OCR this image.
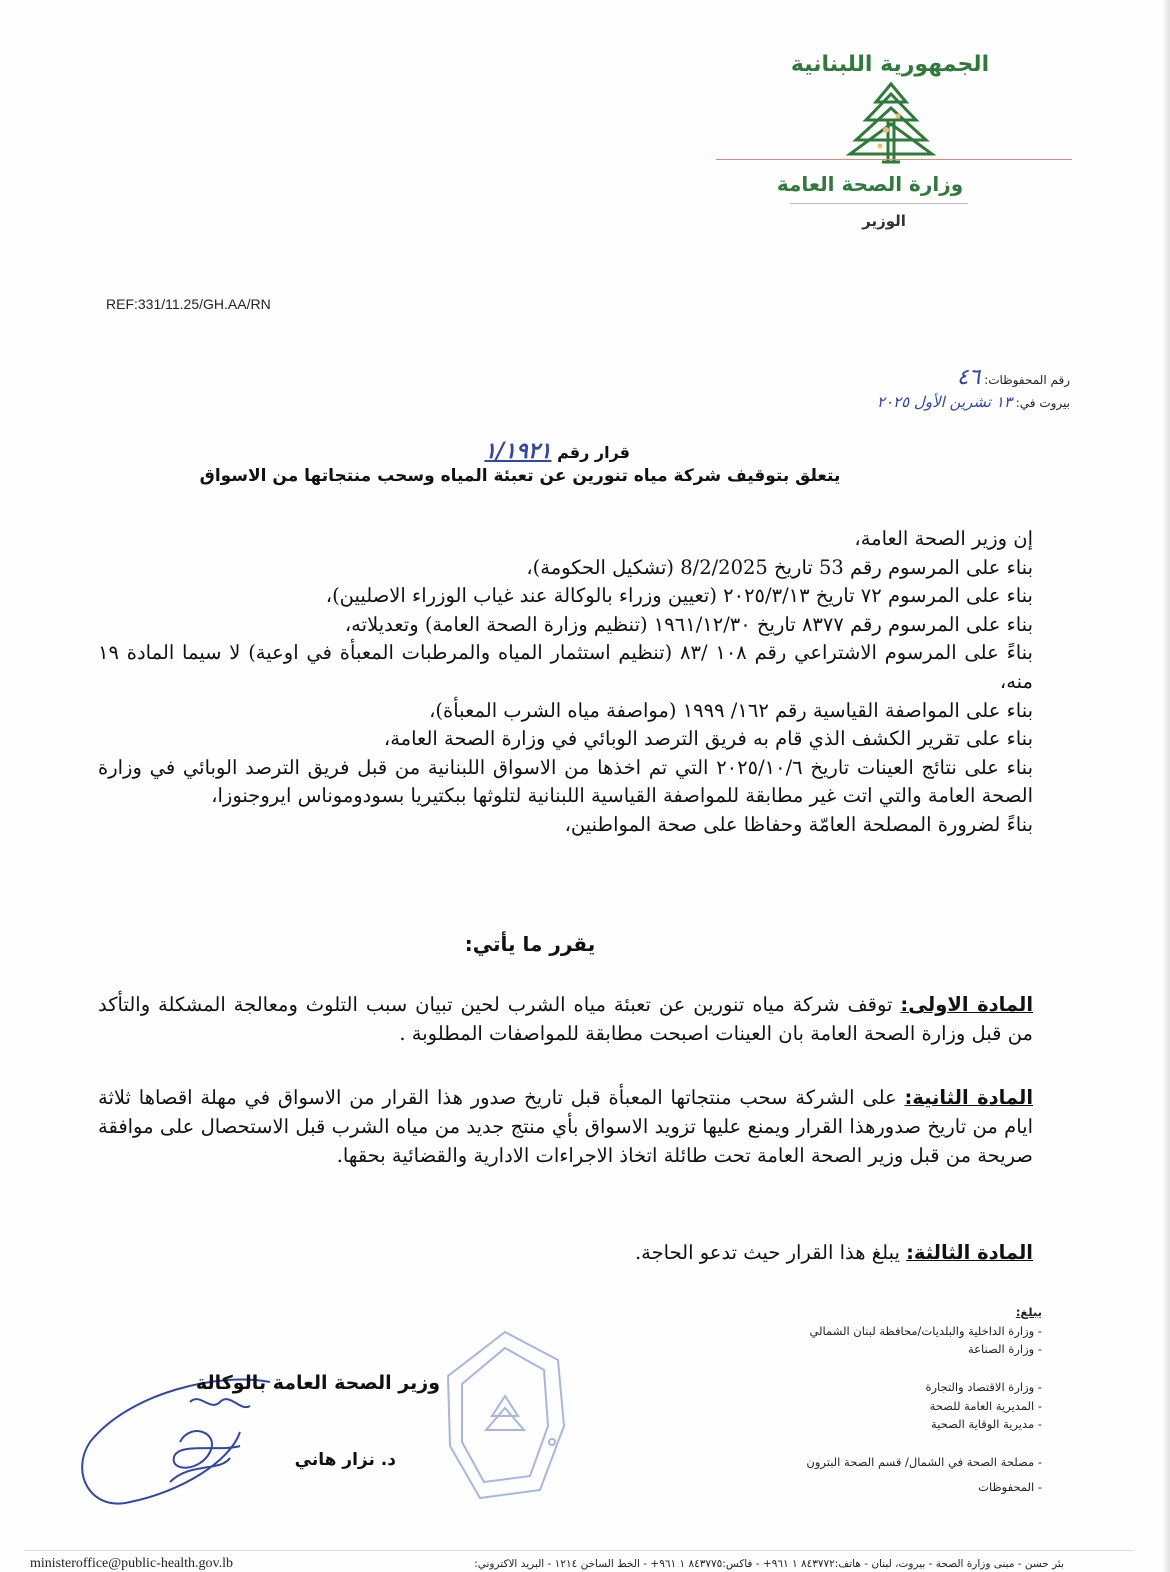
الجمهورية اللبنانية
وزارة الصحة العامة
الوزير
REF:331/11.25/GH.AA/RN
رقم المحفوظات: ٤٦
بيروت في: ١٣ تشرين الأول ٢٠٢٥
قرار رقم ١/١٩٢١
يتعلق بتوقيف شركة مياه تنورين عن تعبئة المياه وسحب منتجاتها من الاسواق

إن وزير الصحة العامة،

بناء على المرسوم رقم 53 تاريخ 8/2/2025 (تشكيل الحكومة)،

بناء على المرسوم ٧٢ تاريخ ٢٠٢٥/٣/١٣ (تعيين وزراء بالوكالة عند غياب الوزراء الاصليين)،

بناء على المرسوم رقم ٨٣٧٧ تاريخ ١٩٦١/١٢/٣٠ (تنظيم وزارة الصحة العامة) وتعديلاته،

بناءً على المرسوم الاشتراعي رقم ١٠٨ /٨٣ (تنظيم استثمار المياه والمرطبات المعبأة في اوعية) لا سيما المادة ١٩ منه،

بناء على المواصفة القياسية رقم ١٦٢/ ١٩٩٩ (مواصفة مياه الشرب المعبأة)،

بناء على تقرير الكشف الذي قام به فريق الترصد الوبائي في وزارة الصحة العامة،

بناء على نتائج العينات تاريخ ٢٠٢٥/١٠/٦ التي تم اخذها من الاسواق اللبنانية من قبل فريق الترصد الوبائي في وزارة الصحة العامة والتي اتت غير مطابقة للمواصفة القياسية اللبنانية لتلوثها ببكتيريا بسودوموناس ايروجنوزا،

بناءً لضرورة المصلحة العامّة وحفاظا على صحة المواطنين،

يقرر ما يأتي:
المادة الاولى: توقف شركة مياه تنورين عن تعبئة مياه الشرب لحين تبيان سبب التلوث ومعالجة المشكلة والتأكد من قبل وزارة الصحة العامة بان العينات اصبحت مطابقة للمواصفات المطلوبة .
المادة الثانية: على الشركة سحب منتجاتها المعبأة قبل تاريخ صدور هذا القرار من الاسواق في مهلة اقصاها ثلاثة ايام من تاريخ صدورهذا القرار ويمنع عليها تزويد الاسواق بأي منتج جديد من مياه الشرب قبل الاستحصال على موافقة صريحة من قبل وزير الصحة العامة تحت طائلة اتخاذ الاجراءات الادارية والقضائية بحقها.
المادة الثالثة: يبلغ هذا القرار حيث تدعو الحاجة.
يبلغ:
- وزارة الداخلية والبلديات/محافظة لبنان الشمالي
- وزارة الصناعة
- وزارة الاقتصاد والتجارة
- المديرية العامة للصحة
- مديرية الوقاية الصحية
- مصلحة الصحة في الشمال/ قسم الصحة البترون
- المحفوظات
وزير الصحة العامة بالوكالة
د. نزار هاني
ministeroffice@public-health.gov.lb	بئر حسن - مبنى وزارة الصحة - بيروت، لبنان - هاتف:٨٤٣٧٧٢ ١ ٩٦١+ - فاكس:٨٤٣٧٧٥ ١ ٩٦١+ - الخط الساخن ١٢١٤ - البريد الاكتروني:
